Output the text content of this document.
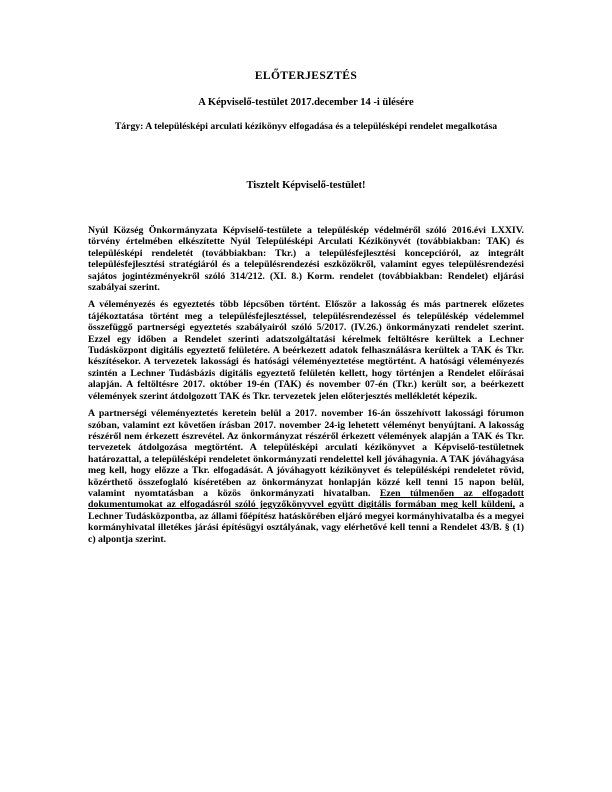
ELŐTERJESZTÉS
A Képviselő-testület 2017.december 14 -i ülésére
Tárgy: A településképi arculati kézikönyv elfogadása és a településképi rendelet megalkotása
Tisztelt Képviselő-testület!

Nyúl Község Önkormányzata Képviselő-testülete a településkép védelméről szóló 2016.évi LXXIV. törvény értelmében elkészítette Nyúl Településképi Arculati Kézikönyvét (továbbiakban: TAK) és településképi rendeletét (továbbiakban: Tkr.) a településfejlesztési koncepcióról, az integrált településfejlesztési stratégiáról és a településrendezési eszközökről, valamint egyes településrendezési sajátos jogintézményekről szóló 314/212. (XI. 8.) Korm. rendelet (továbbiakban: Rendelet) eljárási szabályai szerint.

A véleményezés és egyeztetés több lépcsőben történt. Először a lakosság és más partnerek előzetes tájékoztatása történt meg a településfejlesztéssel, településrendezéssel és településkép védelemmel összefüggő partnerségi egyeztetés szabályairól szóló 5/2017. (IV.26.) önkormányzati rendelet szerint. Ezzel egy időben a Rendelet szerinti adatszolgáltatási kérelmek feltöltésre kerültek a Lechner Tudásközpont digitális egyeztető felületére. A beérkezett adatok felhasználásra kerültek a TAK és Tkr. készítésekor. A tervezetek lakossági és hatósági véleményeztetése megtörtént. A hatósági véleményezés szintén a Lechner Tudásbázis digitális egyeztető felületén kellett, hogy történjen a Rendelet előírásai alapján. A feltöltésre 2017. október 19-én (TAK) és november 07-én (Tkr.) került sor, a beérkezett vélemények szerint átdolgozott TAK és Tkr. tervezetek jelen előterjesztés mellékletét képezik.

A partnerségi véleményeztetés keretein belül a 2017. november 16-án összehívott lakossági fórumon szóban, valamint ezt követően írásban 2017. november 24-ig lehetett véleményt benyújtani. A lakosság részéről nem érkezett észrevétel. Az önkormányzat részéről érkezett vélemények alapján a TAK és Tkr. tervezetek átdolgozása megtörtént. A településképi arculati kézikönyvet a Képviselő-testületnek határozattal, a településképi rendeletet önkormányzati rendelettel kell jóváhagynia. A TAK jóváhagyása meg kell, hogy előzze a Tkr. elfogadását. A jóváhagyott kézikönyvet és településképi rendeletet rövid, közérthető összefoglaló kíséretében az önkormányzat honlapján közzé kell tenni 15 napon belül, valamint nyomtatásban a közös önkormányzati hivatalban. Ezen túlmenően az elfogadott dokumentumokat az elfogadásról szóló jegyzőkönyvvel együtt digitális formában meg kell küldeni, a Lechner Tudásközpontba, az állami főépítész hatáskörében eljáró megyei kormányhivatalba és a megyei kormányhivatal illetékes járási építésügyi osztályának, vagy elérhetővé kell tenni a Rendelet 43/B. § (1) c) alpontja szerint.
